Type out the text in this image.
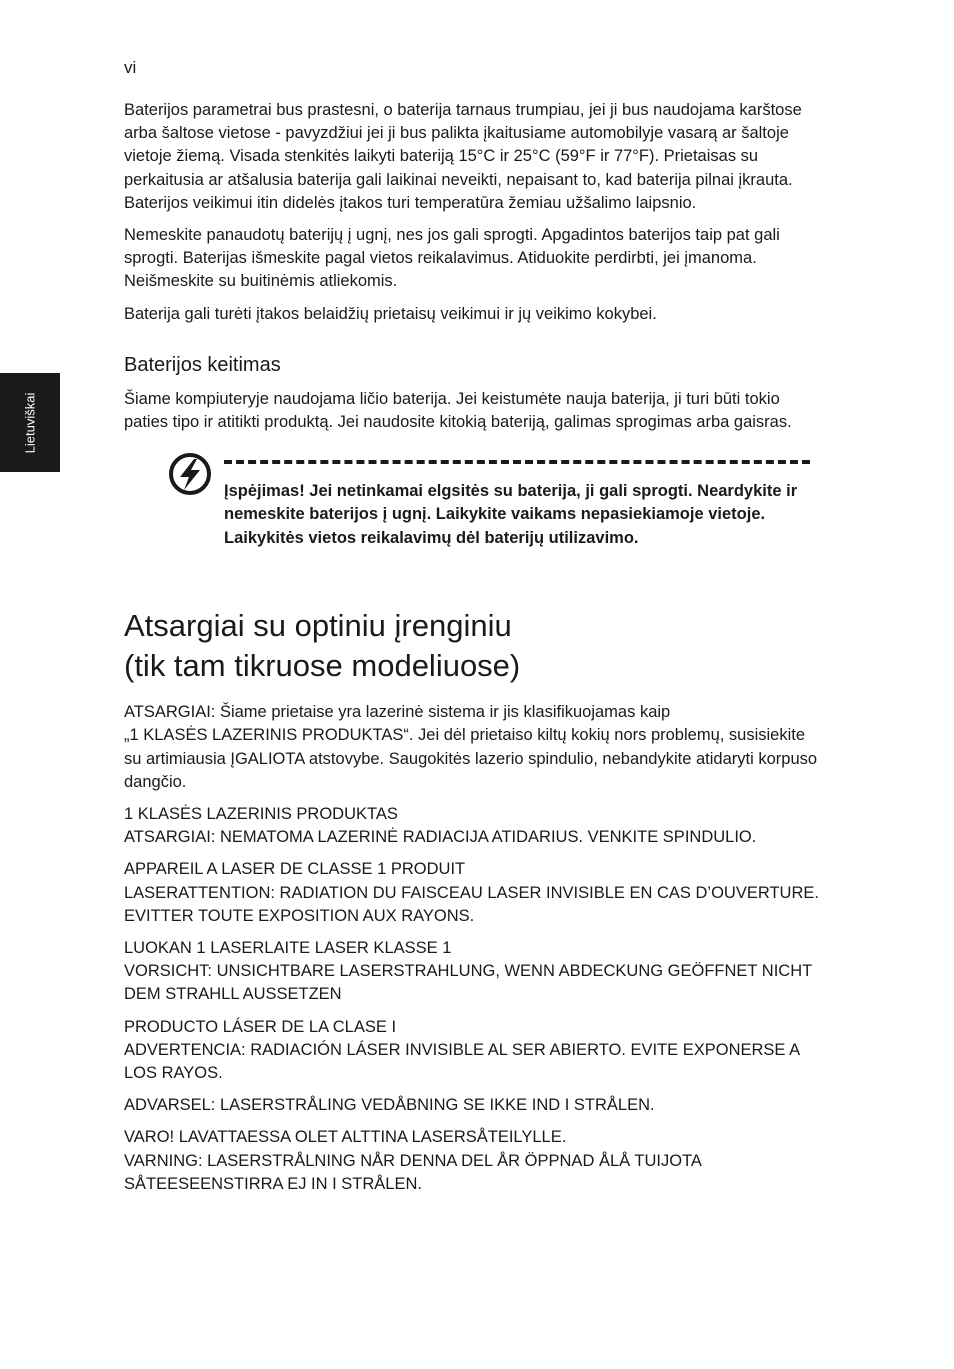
vi
Lietuviškai

Baterijos parametrai bus prastesni, o baterija tarnaus trumpiau, jei ji bus naudojama karštose arba šaltose vietose - pavyzdžiui jei ji bus palikta įkaitusiame automobilyje vasarą ar šaltoje vietoje žiemą. Visada stenkitės laikyti bateriją 15°C ir 25°C (59°F ir 77°F). Prietaisas su perkaitusia ar atšalusia baterija gali laikinai neveikti, nepaisant to, kad baterija pilnai įkrauta. Baterijos veikimui itin didelės įtakos turi temperatūra žemiau užšalimo laipsnio.

Nemeskite panaudotų baterijų į ugnį, nes jos gali sprogti. Apgadintos baterijos taip pat gali sprogti. Baterijas išmeskite pagal vietos reikalavimus. Atiduokite perdirbti, jei įmanoma. Neišmeskite su buitinėmis atliekomis.

Baterija gali turėti įtakos belaidžių prietaisų veikimui ir jų veikimo kokybei.

Baterijos keitimas

Šiame kompiuteryje naudojama ličio baterija. Jei keistumėte nauja baterija, ji turi būti tokio paties tipo ir atitikti produktą. Jei naudosite kitokią bateriją, galimas sprogimas arba gaisras.

Įspėjimas! Jei netinkamai elgsitės su baterija, ji gali sprogti. Neardykite ir nemeskite baterijos į ugnį. Laikykite vaikams nepasiekiamoje vietoje. Laikykitės vietos reikalavimų dėl baterijų utilizavimo.

Atsargiai su optiniu įrenginiu
(tik tam tikruose modeliuose)

ATSARGIAI: Šiame prietaise yra lazerinė sistema ir jis klasifikuojamas kaip
„1 KLASĖS LAZERINIS PRODUKTAS“. Jei dėl prietaiso kiltų kokių nors problemų, susisiekite su artimiausia ĮGALIOTA atstovybe. Saugokitės lazerio spindulio, nebandykite atidaryti korpuso dangčio.

1 KLASĖS LAZERINIS PRODUKTAS
ATSARGIAI: NEMATOMA LAZERINĖ RADIACIJA ATIDARIUS. VENKITE SPINDULIO.

APPAREIL A LASER DE CLASSE 1 PRODUIT
LASERATTENTION: RADIATION DU FAISCEAU LASER INVISIBLE EN CAS D’OUVERTURE. EVITTER TOUTE EXPOSITION AUX RAYONS.

LUOKAN 1 LASERLAITE LASER KLASSE 1
VORSICHT: UNSICHTBARE LASERSTRAHLUNG, WENN ABDECKUNG GEÖFFNET NICHT DEM STRAHLL AUSSETZEN

PRODUCTO LÁSER DE LA CLASE I
ADVERTENCIA: RADIACIÓN LÁSER INVISIBLE AL SER ABIERTO. EVITE EXPONERSE A LOS RAYOS.

ADVARSEL: LASERSTRÅLING VEDÅBNING SE IKKE IND I STRÅLEN.

VARO! LAVATTAESSA OLET ALTTINA LASERSÅTEILYLLE.
VARNING: LASERSTRÅLNING NÅR DENNA DEL ÅR ÖPPNAD ÅLÅ TUIJOTA SÅTEESEENSTIRRA EJ IN I STRÅLEN.
